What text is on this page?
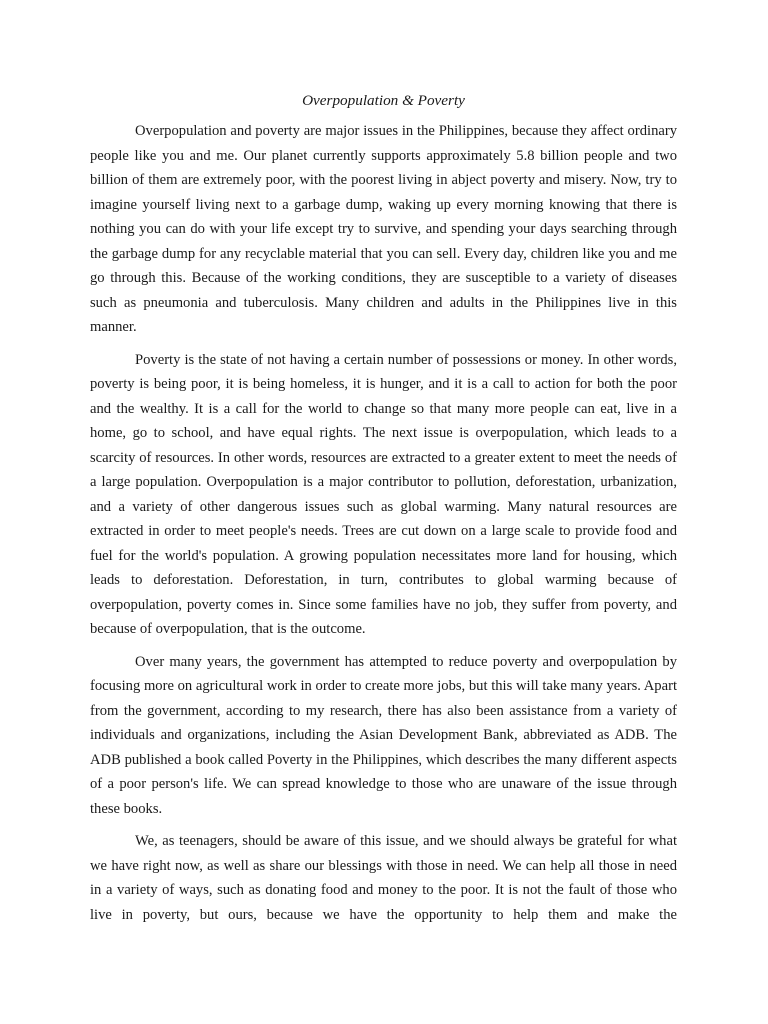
Overpopulation & Poverty

Overpopulation and poverty are major issues in the Philippines, because they affect ordinary people like you and me. Our planet currently supports approximately 5.8 billion people and two billion of them are extremely poor, with the poorest living in abject poverty and misery. Now, try to imagine yourself living next to a garbage dump, waking up every morning knowing that there is nothing you can do with your life except try to survive, and spending your days searching through the garbage dump for any recyclable material that you can sell. Every day, children like you and me go through this. Because of the working conditions, they are susceptible to a variety of diseases such as pneumonia and tuberculosis. Many children and adults in the Philippines live in this manner.

Poverty is the state of not having a certain number of possessions or money. In other words, poverty is being poor, it is being homeless, it is hunger, and it is a call to action for both the poor and the wealthy. It is a call for the world to change so that many more people can eat, live in a home, go to school, and have equal rights. The next issue is overpopulation, which leads to a scarcity of resources. In other words, resources are extracted to a greater extent to meet the needs of a large population. Overpopulation is a major contributor to pollution, deforestation, urbanization, and a variety of other dangerous issues such as global warming. Many natural resources are extracted in order to meet people's needs. Trees are cut down on a large scale to provide food and fuel for the world's population. A growing population necessitates more land for housing, which leads to deforestation. Deforestation, in turn, contributes to global warming because of overpopulation, poverty comes in. Since some families have no job, they suffer from poverty, and because of overpopulation, that is the outcome.

Over many years, the government has attempted to reduce poverty and overpopulation by focusing more on agricultural work in order to create more jobs, but this will take many years. Apart from the government, according to my research, there has also been assistance from a variety of individuals and organizations, including the Asian Development Bank, abbreviated as ADB. The ADB published a book called Poverty in the Philippines, which describes the many different aspects of a poor person's life. We can spread knowledge to those who are unaware of the issue through these books.

We, as teenagers, should be aware of this issue, and we should always be grateful for what we have right now, as well as share our blessings with those in need. We can help all those in need in a variety of ways, such as donating food and money to the poor. It is not the fault of those who live in poverty, but ours, because we have the opportunity to help them and make the
